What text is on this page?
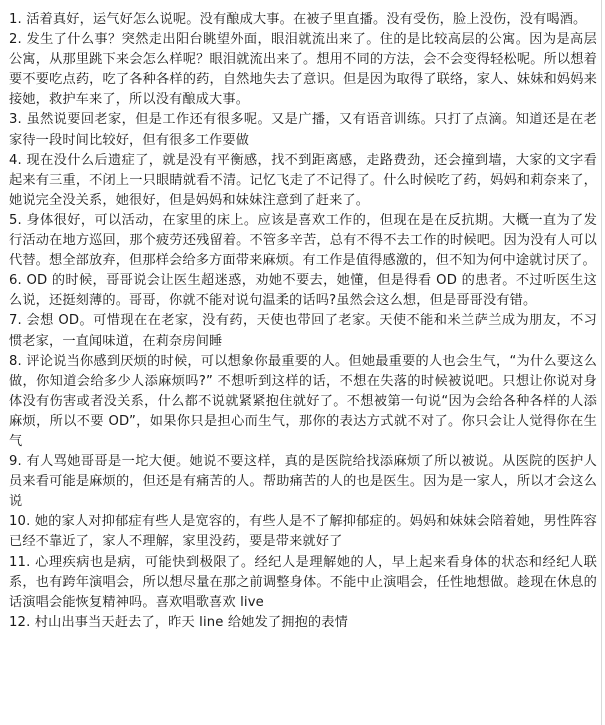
1. 活着真好，运气好怎么说呢。没有酿成大事。在被子里直播。没有受伤，脸上没伤，没有喝酒。

2. 发生了什么事？突然走出阳台眺望外面，眼泪就流出来了。住的是比较高层的公寓。因为是高层公寓，从那里跳下来会怎么样呢？眼泪就流出来了。想用不同的方法，会不会变得轻松呢。所以想着要不要吃点药，吃了各种各样的药，自然地失去了意识。但是因为取得了联络，家人、妹妹和妈妈来接她，救护车来了，所以没有酿成大事。

3. 虽然说要回老家，但是工作还有很多呢。又是广播，又有语音训练。只打了点滴。知道还是在老家待一段时间比较好，但有很多工作要做

4. 现在没什么后遗症了，就是没有平衡感，找不到距离感，走路费劲，还会撞到墙，大家的文字看起来有三重，不闭上一只眼睛就看不清。记忆飞走了不记得了。什么时候吃了药，妈妈和莉奈来了，她说完全没关系，她很好，但是妈妈和妹妹注意到了赶来了。

5. 身体很好，可以活动，在家里的床上。应该是喜欢工作的，但现在是在反抗期。大概一直为了发行活动在地方巡回，那个疲劳还残留着。不管多辛苦，总有不得不去工作的时候吧。因为没有人可以代替。想全部放弃，但那样会给多方面带来麻烦。有工作是值得感激的，但不知为何中途就讨厌了。

6. OD 的时候，哥哥说会让医生超迷惑，劝她不要去，她懂，但是得看 OD 的患者。不过听医生这么说，还挺刻薄的。哥哥，你就不能对说句温柔的话吗?虽然会这么想，但是哥哥没有错。

7. 会想 OD。可惜现在在老家，没有药，天使也带回了老家。天使不能和米兰萨兰成为朋友，不习惯老家，一直闻味道，在莉奈房间睡

8. 评论说当你感到厌烦的时候，可以想象你最重要的人。但她最重要的人也会生气，“为什么要这么做，你知道会给多少人添麻烦吗?” 不想听到这样的话，不想在失落的时候被说吧。只想让你说对身体没有伤害或者没关系，什么都不说就紧紧抱住就好了。不想被第一句说“因为会给各种各样的人添麻烦，所以不要 OD”，如果你只是担心而生气，那你的表达方式就不对了。你只会让人觉得你在生气

9. 有人骂她哥哥是一坨大便。她说不要这样，真的是医院给找添麻烦了所以被说。从医院的医护人员来看可能是麻烦的，但还是有痛苦的人。帮助痛苦的人的也是医生。因为是一家人，所以才会这么说

10. 她的家人对抑郁症有些人是宽容的，有些人是不了解抑郁症的。妈妈和妹妹会陪着她，男性阵容已经不靠近了，家人不理解，家里没药，要是带来就好了

11. 心理疾病也是病，可能快到极限了。经纪人是理解她的人，早上起来看身体的状态和经纪人联系，也有跨年演唱会，所以想尽量在那之前调整身体。不能中止演唱会，任性地想做。趁现在休息的话演唱会能恢复精神吗。喜欢唱歌喜欢 live

12. 村山出事当天赶去了，昨天 line 给她发了拥抱的表情
